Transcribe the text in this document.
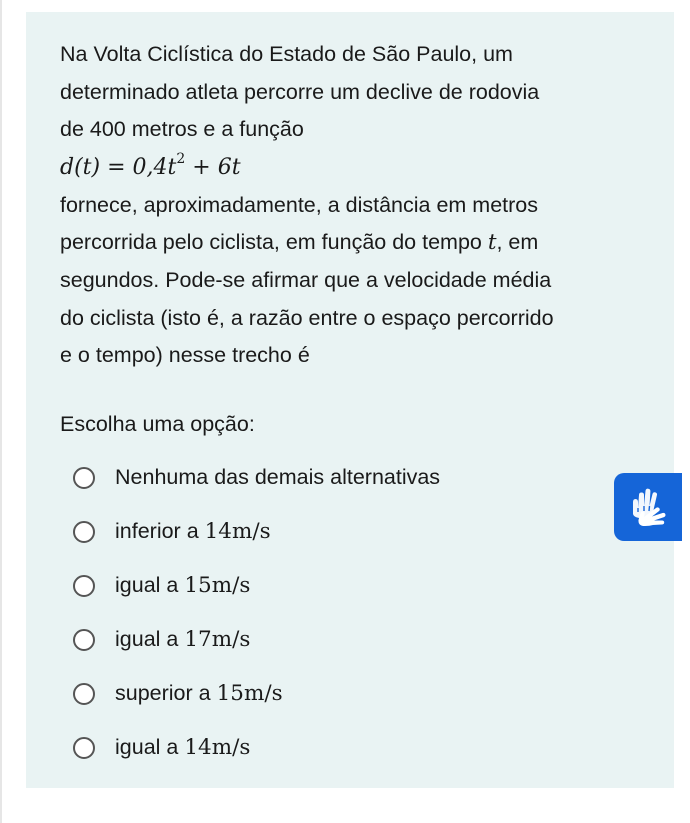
Na Volta Ciclística do Estado de São Paulo, um

determinado atleta percorre um declive de rodovia

de 400 metros e a função

$d(t) = 0,4t^2 + 6t$

fornece, aproximadamente, a distância em metros

percorrida pelo ciclista, em função do tempo t, em

segundos. Pode-se afirmar que a velocidade média

do ciclista (isto é, a razão entre o espaço percorrido

e o tempo) nesse trecho é

Escolha uma opção:
Nenhuma das demais alternativas
inferior a 14m/s
igual a 15m/s
igual a 17m/s
superior a 15m/s
igual a 14m/s
